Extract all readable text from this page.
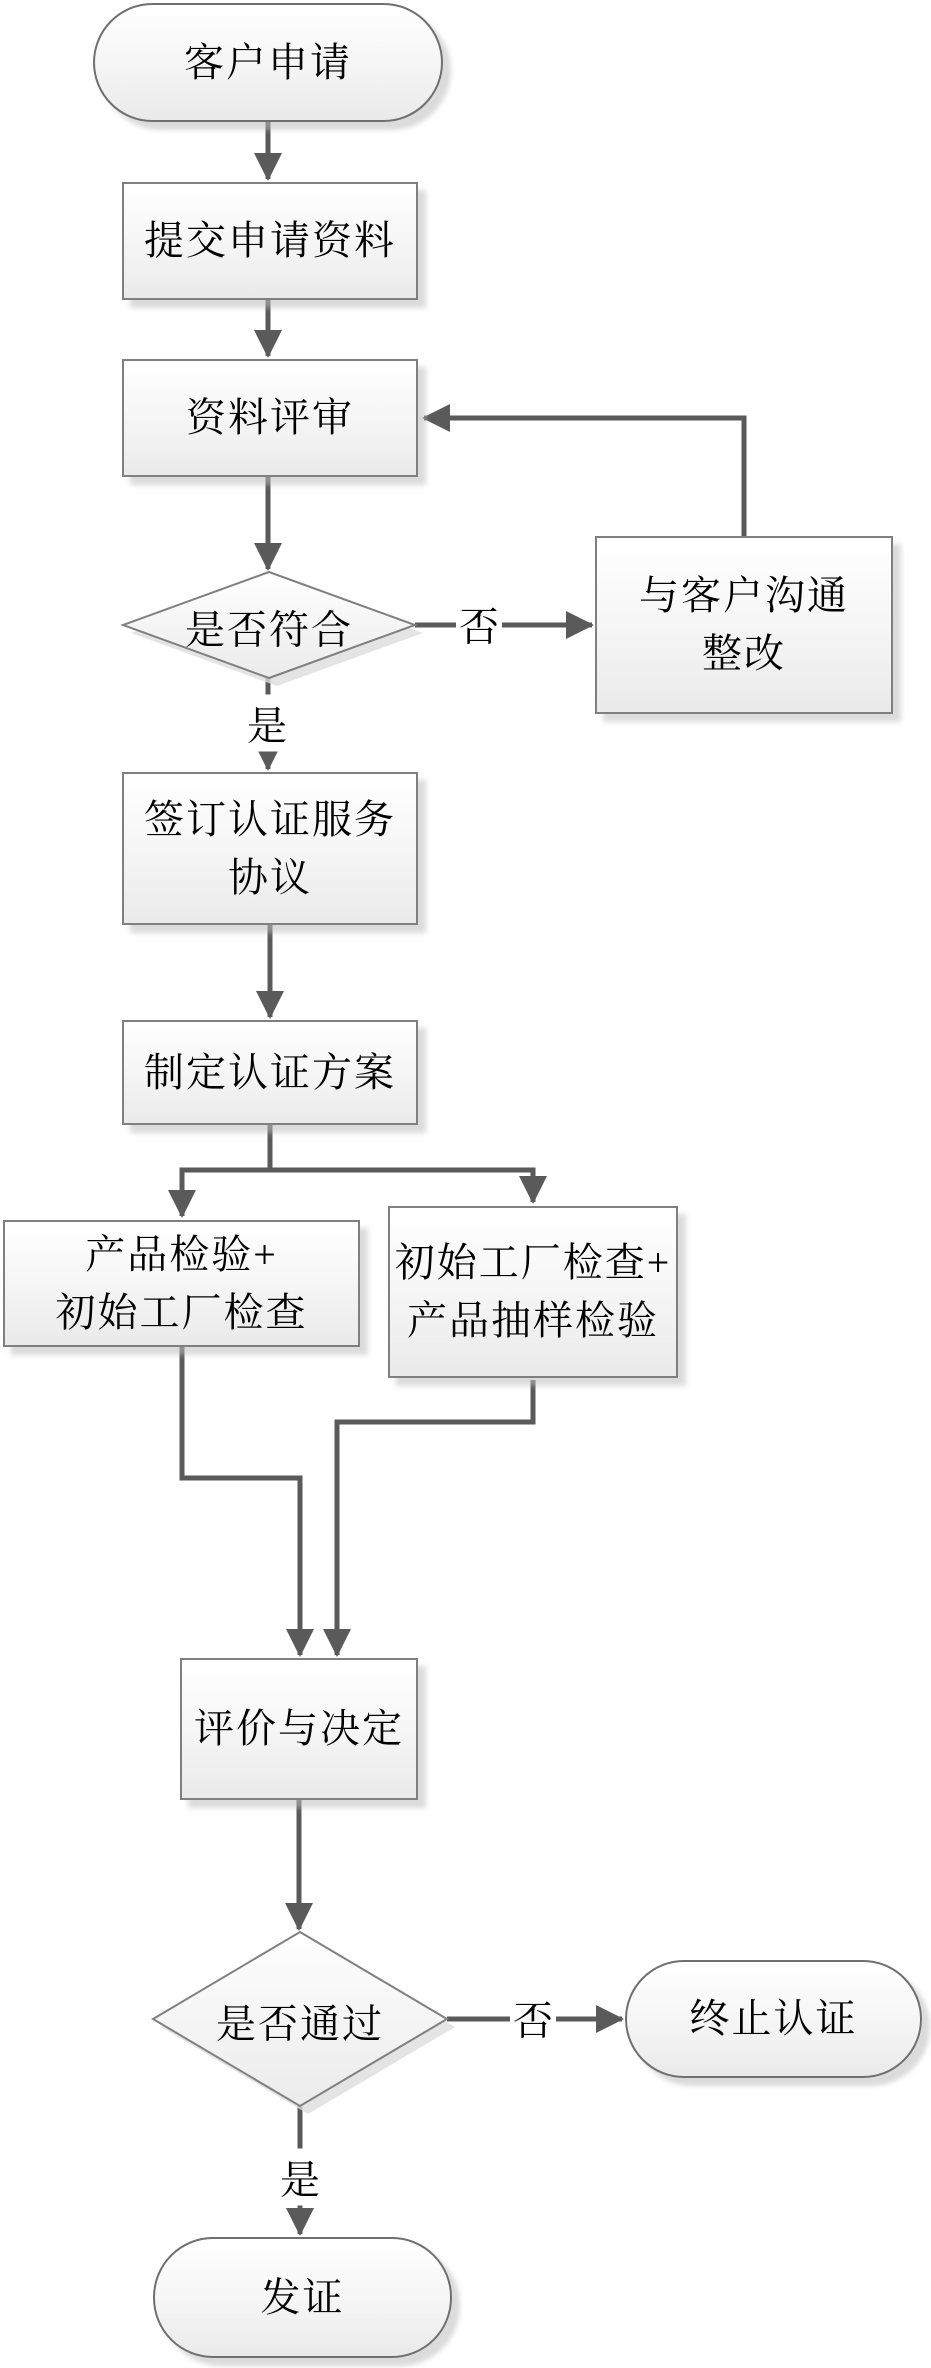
客户申请
提交申请资料
资料评审
与客户沟通
整改
签订认证服务
协议
制定认证方案
产品检验+
初始工厂检查
初始工厂检查+
产品抽样检验
评价与决定
终止认证
发证
是否符合
是否通过
否
是
否
是
